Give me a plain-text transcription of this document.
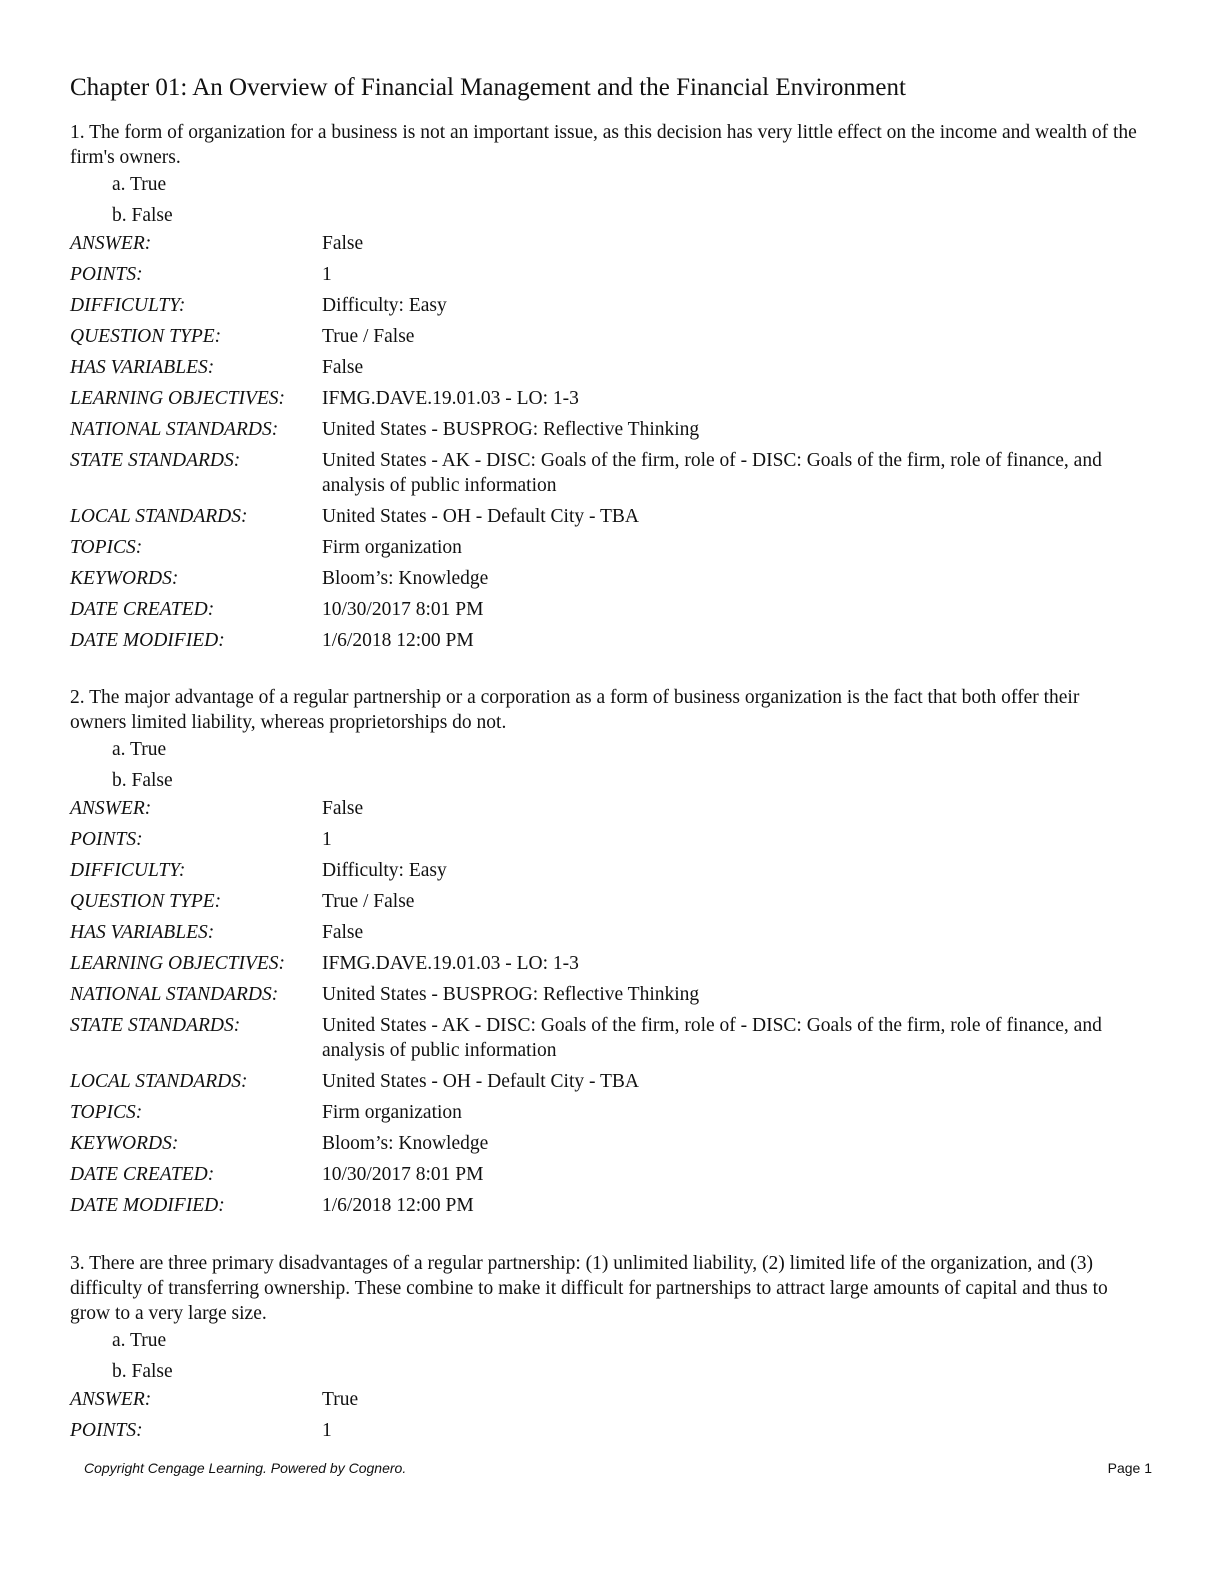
Chapter 01: An Overview of Financial Management and the Financial Environment

1. The form of organization for a business is not an important issue, as this decision has very little effect on the income and wealth of the firm's owners.

a. True

b. False

ANSWER:	False
POINTS:	1
DIFFICULTY:	Difficulty: Easy
QUESTION TYPE:	True / False
HAS VARIABLES:	False
LEARNING OBJECTIVES:	IFMG.DAVE.19.01.03 - LO: 1-3
NATIONAL STANDARDS:	United States - BUSPROG: Reflective Thinking
STATE STANDARDS:	United States - AK - DISC: Goals of the firm, role of - DISC: Goals of the firm, role of finance, and analysis of public information
LOCAL STANDARDS:	United States - OH - Default City - TBA
TOPICS:	Firm organization
KEYWORDS:	Bloom’s: Knowledge
DATE CREATED:	10/30/2017 8:01 PM
DATE MODIFIED:	1/6/2018 12:00 PM

2. The major advantage of a regular partnership or a corporation as a form of business organization is the fact that both offer their owners limited liability, whereas proprietorships do not.

a. True

b. False

ANSWER:	False
POINTS:	1
DIFFICULTY:	Difficulty: Easy
QUESTION TYPE:	True / False
HAS VARIABLES:	False
LEARNING OBJECTIVES:	IFMG.DAVE.19.01.03 - LO: 1-3
NATIONAL STANDARDS:	United States - BUSPROG: Reflective Thinking
STATE STANDARDS:	United States - AK - DISC: Goals of the firm, role of - DISC: Goals of the firm, role of finance, and analysis of public information
LOCAL STANDARDS:	United States - OH - Default City - TBA
TOPICS:	Firm organization
KEYWORDS:	Bloom’s: Knowledge
DATE CREATED:	10/30/2017 8:01 PM
DATE MODIFIED:	1/6/2018 12:00 PM

3. There are three primary disadvantages of a regular partnership: (1) unlimited liability, (2) limited life of the organization, and (3) difficulty of transferring ownership. These combine to make it difficult for partnerships to attract large amounts of capital and thus to grow to a very large size.

a. True

b. False

ANSWER:	True
POINTS:	1
Copyright Cengage Learning. Powered by Cognero.	Page 1
